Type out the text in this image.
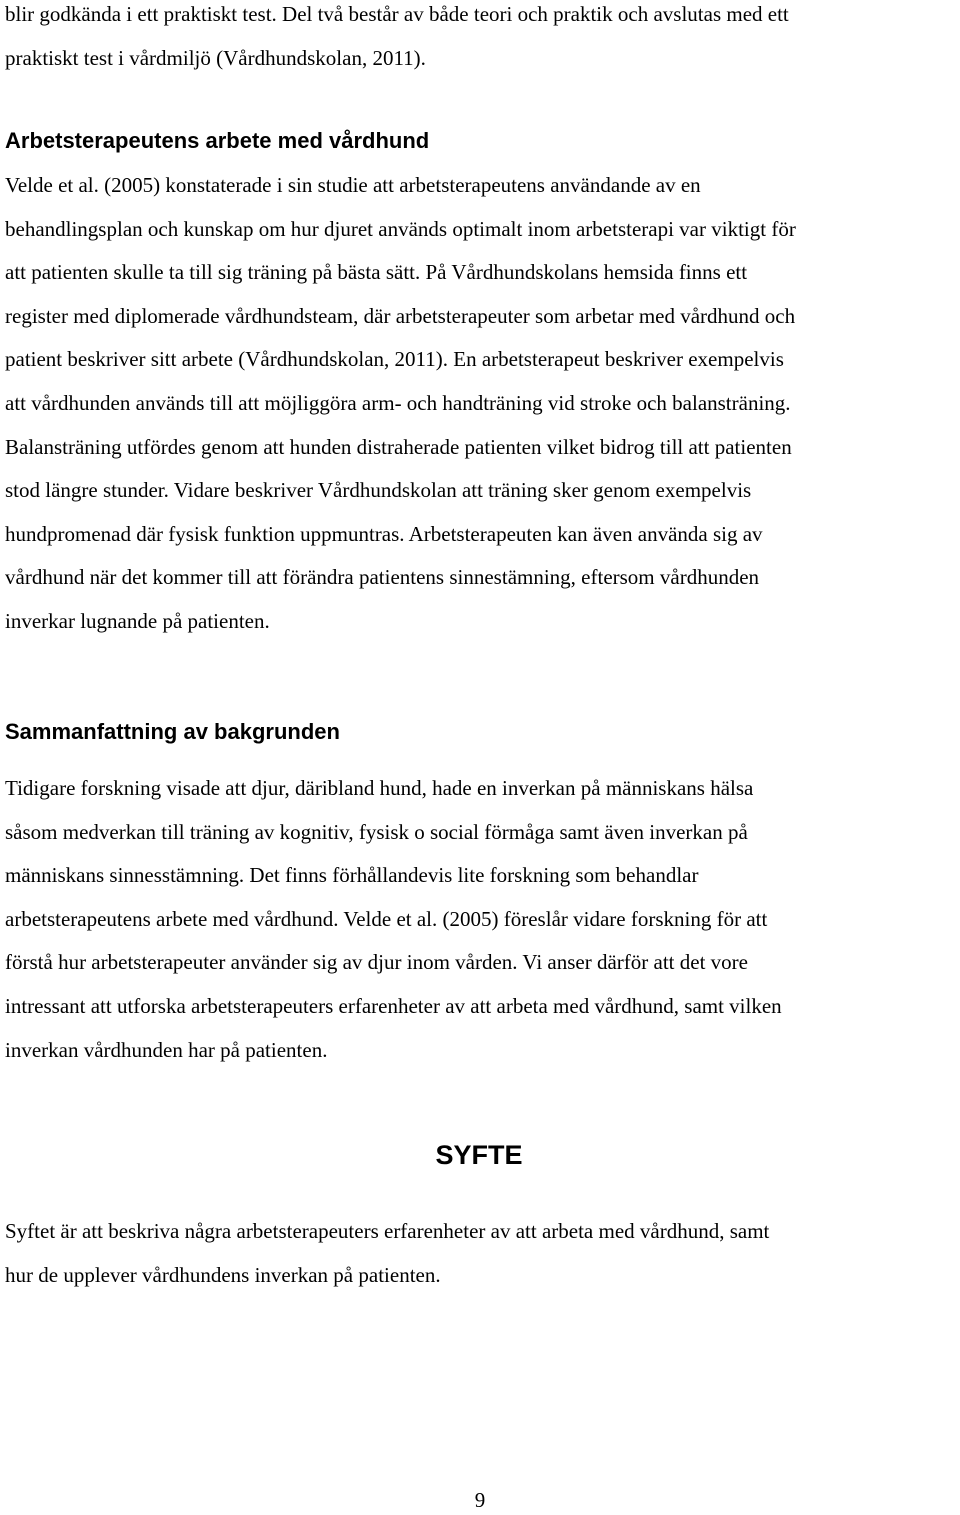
blir godkända i ett praktiskt test. Del två består av både teori och praktik och avslutas med ett
praktiskt test i vårdmiljö (Vårdhundskolan, 2011).

Arbetsterapeutens arbete med vårdhund

Velde et al. (2005) konstaterade i sin studie att arbetsterapeutens användande av en
behandlingsplan och kunskap om hur djuret används optimalt inom arbetsterapi var viktigt för
att patienten skulle ta till sig träning på bästa sätt. På Vårdhundskolans hemsida finns ett
register med diplomerade vårdhundsteam, där arbetsterapeuter som arbetar med vårdhund och
patient beskriver sitt arbete (Vårdhundskolan, 2011). En arbetsterapeut beskriver exempelvis
att vårdhunden används till att möjliggöra arm- och handträning vid stroke och balansträning.
Balansträning utfördes genom att hunden distraherade patienten vilket bidrog till att patienten
stod längre stunder. Vidare beskriver Vårdhundskolan att träning sker genom exempelvis
hundpromenad där fysisk funktion uppmuntras. Arbetsterapeuten kan även använda sig av
vårdhund när det kommer till att förändra patientens sinnestämning, eftersom vårdhunden
inverkar lugnande på patienten.

Sammanfattning av bakgrunden

Tidigare forskning visade att djur, däribland hund, hade en inverkan på människans hälsa
såsom medverkan till träning av kognitiv, fysisk o social förmåga samt även inverkan på
människans sinnesstämning. Det finns förhållandevis lite forskning som behandlar
arbetsterapeutens arbete med vårdhund. Velde et al. (2005) föreslår vidare forskning för att
förstå hur arbetsterapeuter använder sig av djur inom vården. Vi anser därför att det vore
intressant att utforska arbetsterapeuters erfarenheter av att arbeta med vårdhund, samt vilken
inverkan vårdhunden har på patienten.

SYFTE

Syftet är att beskriva några arbetsterapeuters erfarenheter av att arbeta med vårdhund, samt
hur de upplever vårdhundens inverkan på patienten.

9
